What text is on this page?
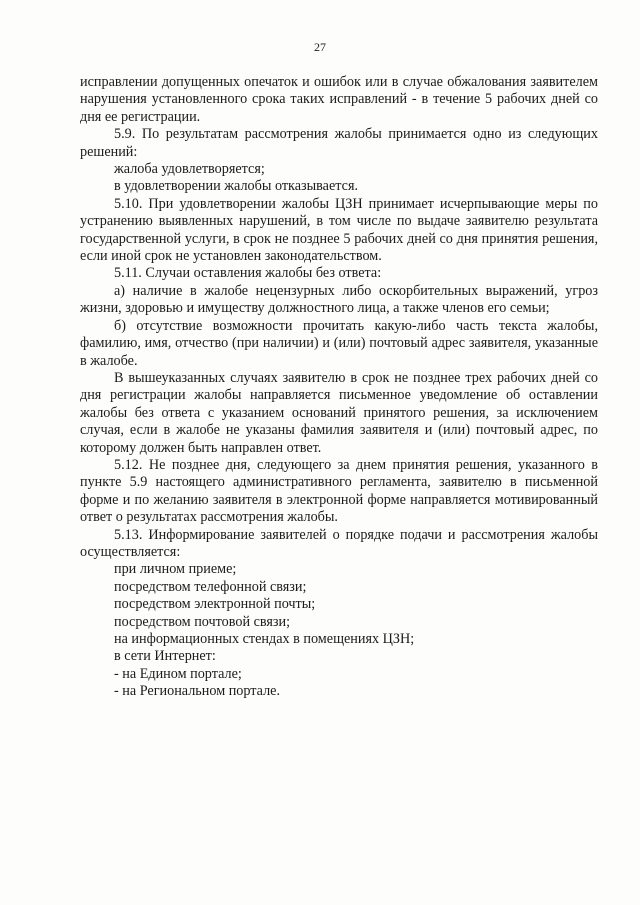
27

исправлении допущенных опечаток и ошибок или в случае обжалования заявителем нарушения установленного срока таких исправлений - в течение 5 рабочих дней со дня ее регистрации.

5.9. По результатам рассмотрения жалобы принимается одно из следующих решений:

жалоба удовлетворяется;

в удовлетворении жалобы отказывается.

5.10. При удовлетворении жалобы ЦЗН принимает исчерпывающие меры по устранению выявленных нарушений, в том числе по выдаче заявителю результата государственной услуги, в срок не позднее 5 рабочих дней со дня принятия решения, если иной срок не установлен законодательством.

5.11. Случаи оставления жалобы без ответа:

а) наличие в жалобе нецензурных либо оскорбительных выражений, угроз жизни, здоровью и имуществу должностного лица, а также членов его семьи;

б) отсутствие возможности прочитать какую-либо часть текста жалобы, фамилию, имя, отчество (при наличии) и (или) почтовый адрес заявителя, указанные в жалобе.

В вышеуказанных случаях заявителю в срок не позднее трех рабочих дней со дня регистрации жалобы направляется письменное уведомление об оставлении жалобы без ответа с указанием оснований принятого решения, за исключением случая, если в жалобе не указаны фамилия заявителя и (или) почтовый адрес, по которому должен быть направлен ответ.

5.12. Не позднее дня, следующего за днем принятия решения, указанного в пункте 5.9 настоящего административного регламента, заявителю в письменной форме и по желанию заявителя в электронной форме направляется мотивированный ответ о результатах рассмотрения жалобы.

5.13. Информирование заявителей о порядке подачи и рассмотрения жалобы осуществляется:

при личном приеме;

посредством телефонной связи;

посредством электронной почты;

посредством почтовой связи;

на информационных стендах в помещениях ЦЗН;

в сети Интернет:

- на Едином портале;

- на Региональном портале.
